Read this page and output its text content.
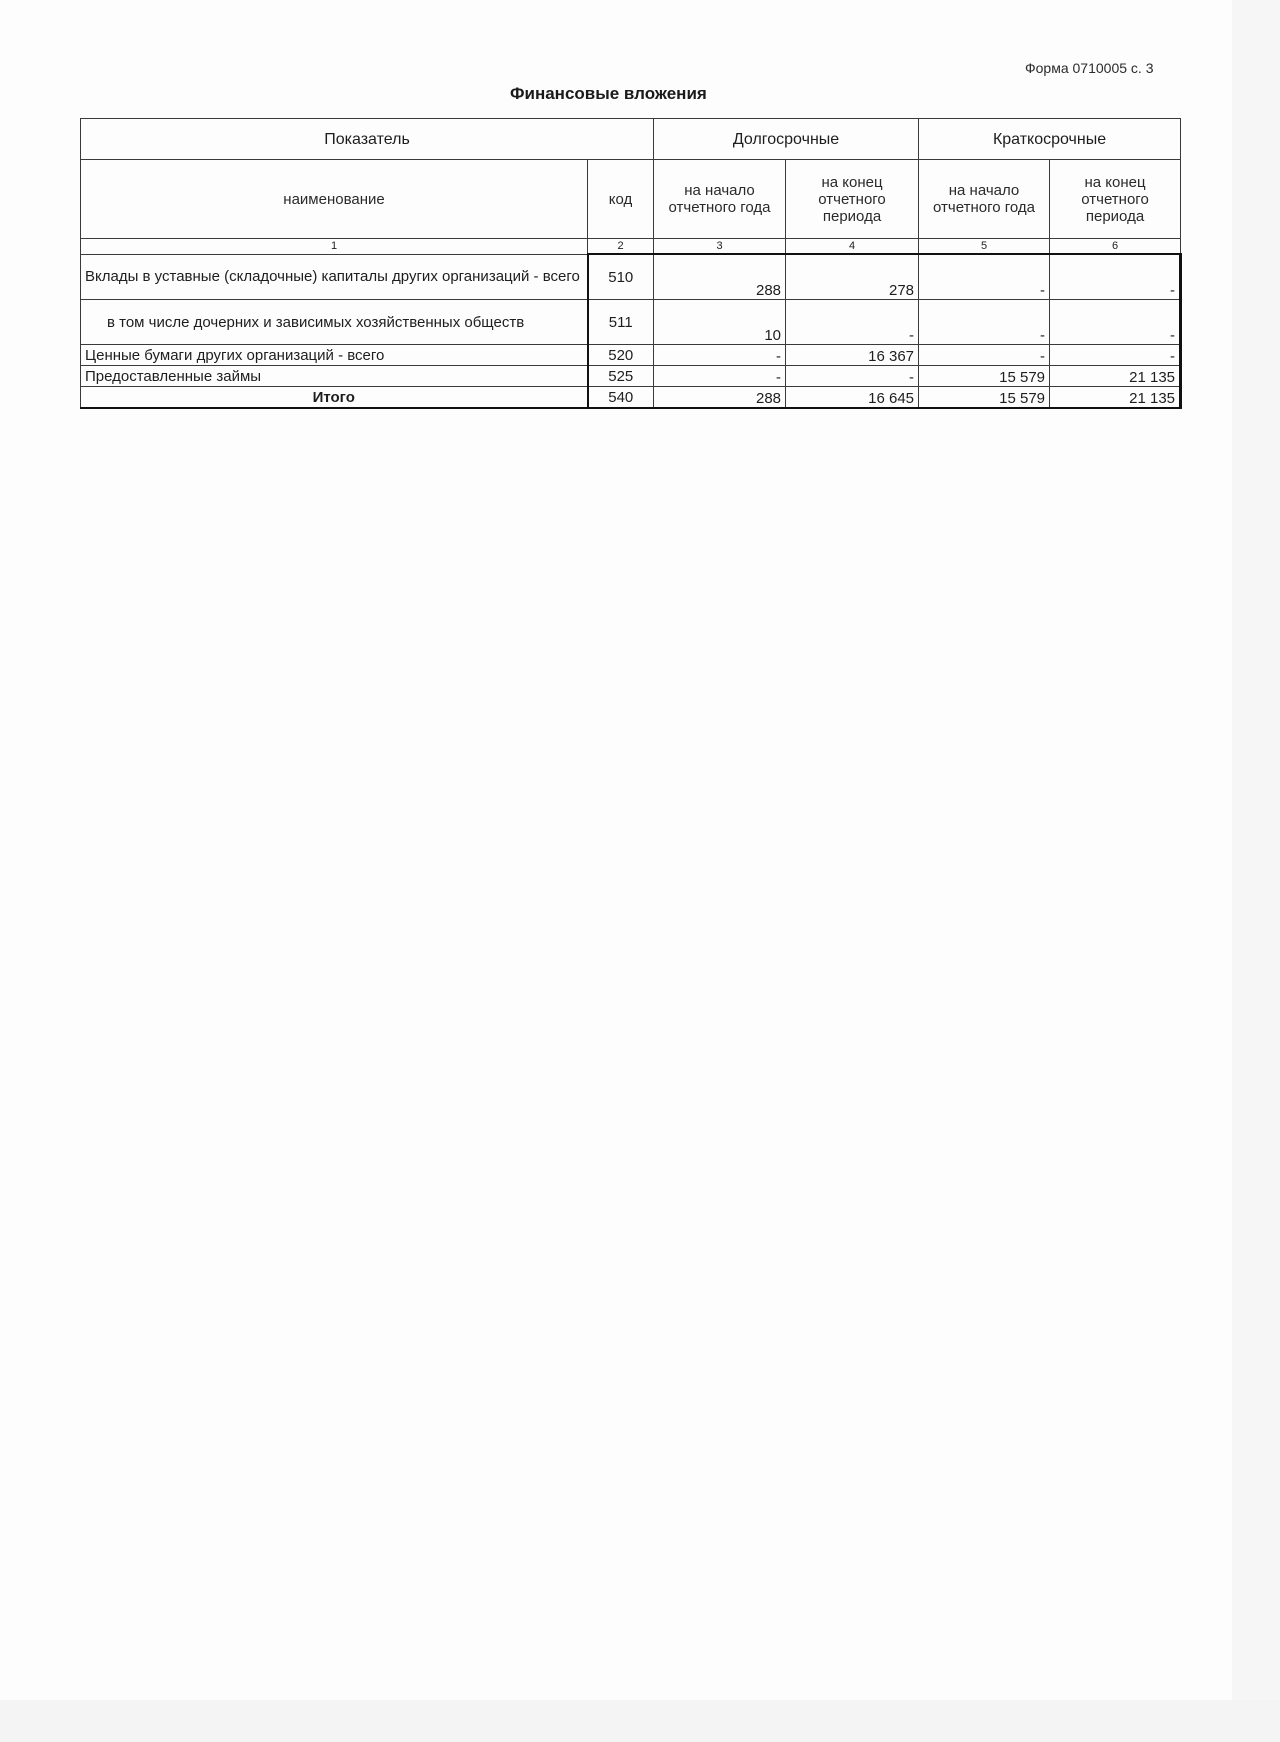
Форма 0710005 с. 3
Финансовые вложения
Показатель		Долгосрочные		Краткосрочные	
наименование	код	на начало отчетного года	на конец отчетного периода	на начало отчетного года	на конец отчетного периода
1	2	3	4	5	6
Вклады в уставные (складочные) капиталы других организаций - всего	510	288	278	-	-
в том числе дочерних и зависимых хозяйственных обществ	511	10	-	-	-
Ценные бумаги других организаций - всего	520	-	16 367	-	-
Предоставленные займы	525	-	-	15 579	21 135
Итого	540	288	16 645	15 579	21 135
